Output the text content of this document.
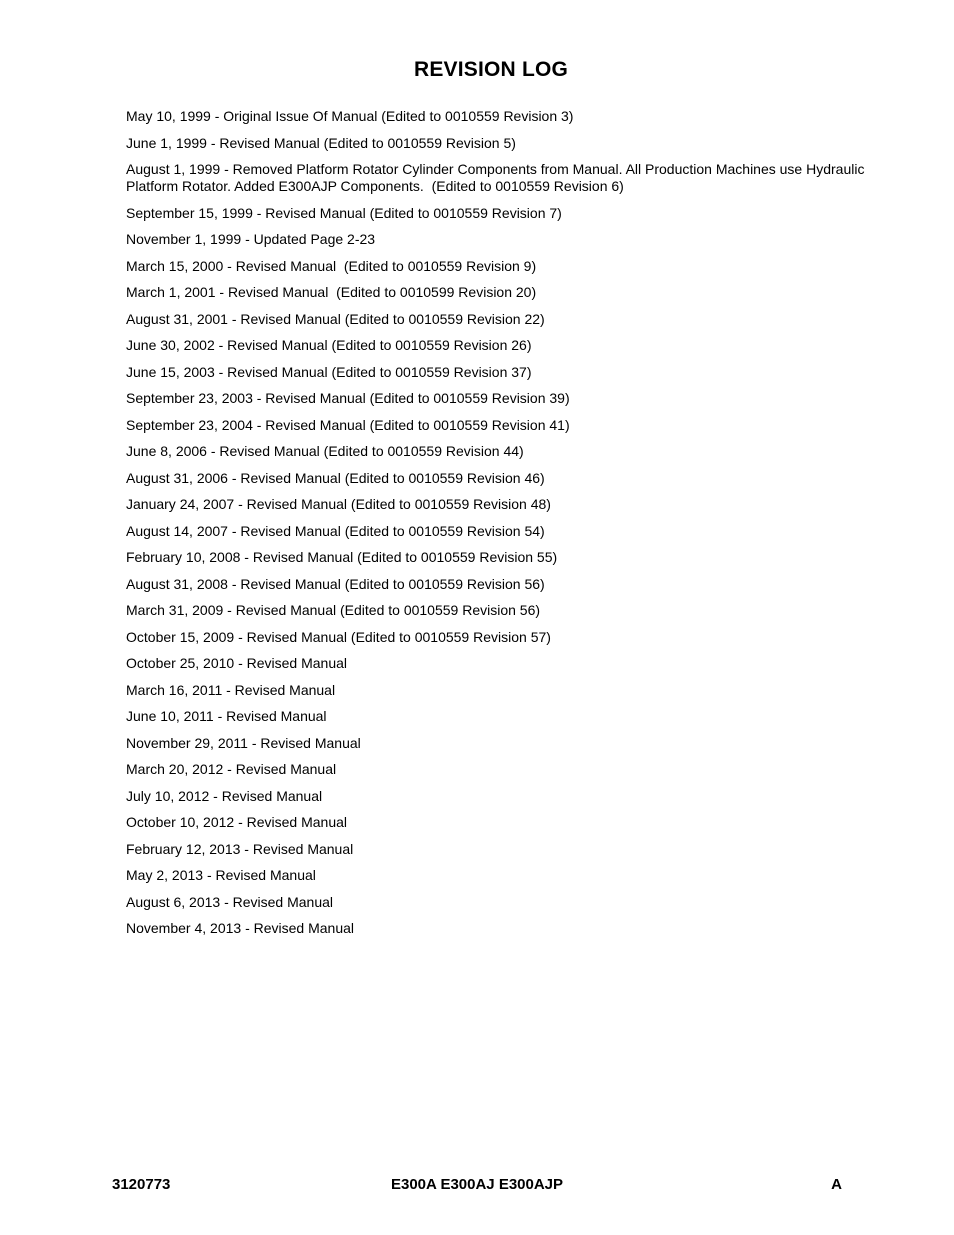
REVISION LOG
May 10, 1999 - Original Issue Of Manual (Edited to 0010559 Revision 3)
June 1, 1999 - Revised Manual (Edited to 0010559 Revision 5)
August 1, 1999 - Removed Platform Rotator Cylinder Components from Manual. All Production Machines use Hydraulic Platform Rotator. Added E300AJP Components.  (Edited to 0010559 Revision 6)
September 15, 1999 - Revised Manual (Edited to 0010559 Revision 7)
November 1, 1999 - Updated Page 2-23
March 15, 2000 - Revised Manual  (Edited to 0010559 Revision 9)
March 1, 2001 - Revised Manual  (Edited to 0010599 Revision 20)
August 31, 2001 - Revised Manual (Edited to 0010559 Revision 22)
June 30, 2002 - Revised Manual (Edited to 0010559 Revision 26)
June 15, 2003 - Revised Manual (Edited to 0010559 Revision 37)
September 23, 2003 - Revised Manual (Edited to 0010559 Revision 39)
September 23, 2004 - Revised Manual (Edited to 0010559 Revision 41)
June 8, 2006 - Revised Manual (Edited to 0010559 Revision 44)
August 31, 2006 - Revised Manual (Edited to 0010559 Revision 46)
January 24, 2007 - Revised Manual (Edited to 0010559 Revision 48)
August 14, 2007 - Revised Manual (Edited to 0010559 Revision 54)
February 10, 2008 - Revised Manual (Edited to 0010559 Revision 55)
August 31, 2008 - Revised Manual (Edited to 0010559 Revision 56)
March 31, 2009 - Revised Manual (Edited to 0010559 Revision 56)
October 15, 2009 - Revised Manual (Edited to 0010559 Revision 57)
October 25, 2010 - Revised Manual
March 16, 2011 - Revised Manual
June 10, 2011 - Revised Manual
November 29, 2011 - Revised Manual
March 20, 2012 - Revised Manual
July 10, 2012 - Revised Manual
October 10, 2012 - Revised Manual
February 12, 2013 - Revised Manual
May 2, 2013 - Revised Manual
August 6, 2013 - Revised Manual
November 4, 2013 - Revised Manual
3120773	E300A E300AJ E300AJP	A
